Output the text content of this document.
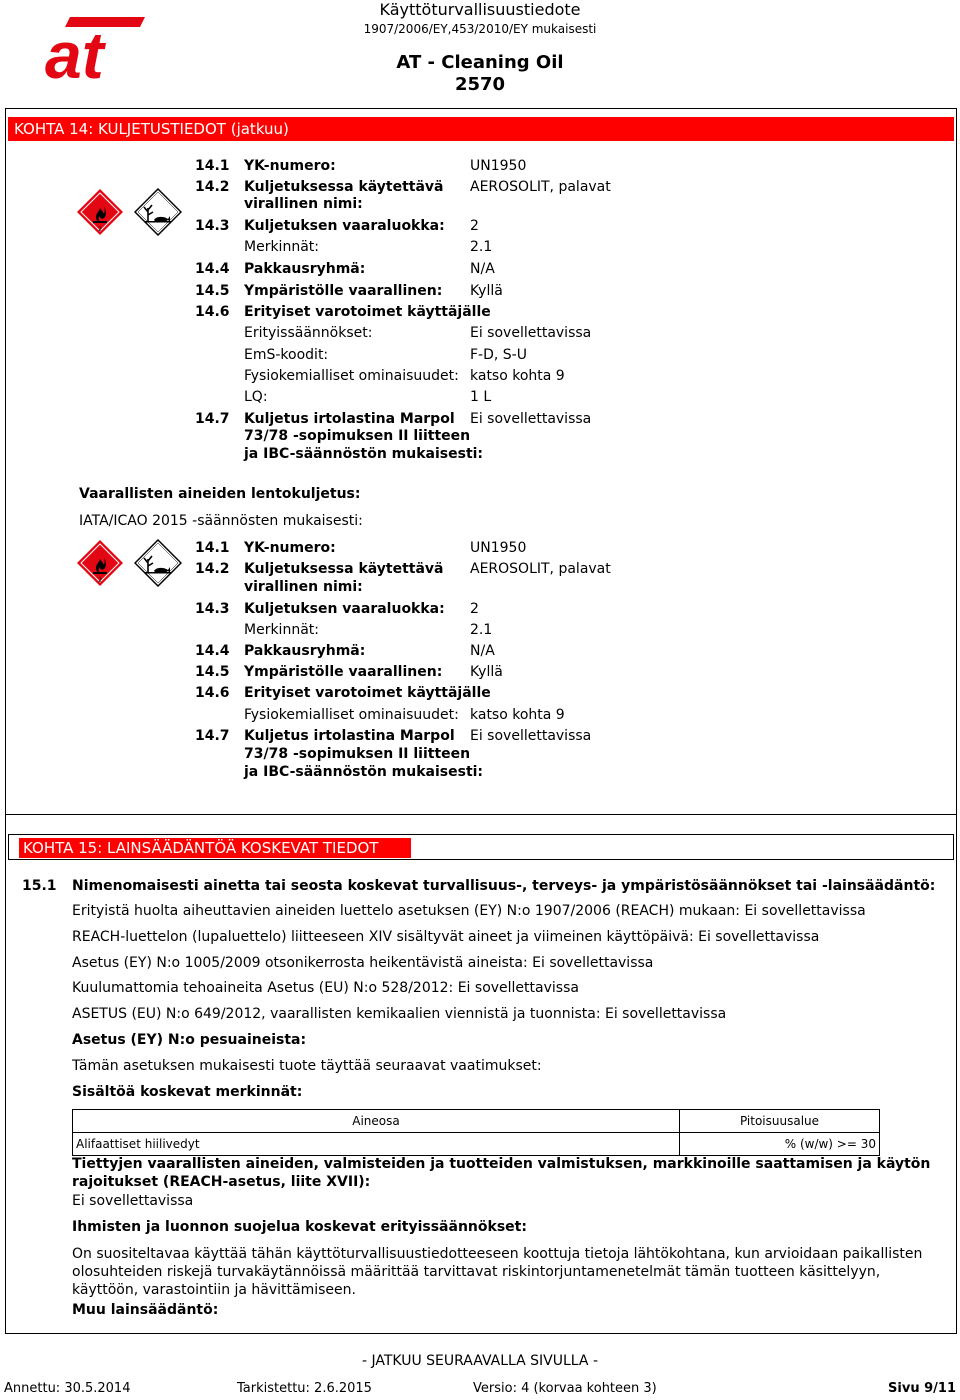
at
Käyttöturvallisuustiedote
1907/2006/EY,453/2010/EY mukaisesti
AT - Cleaning Oil
2570
KOHTA 14: KULJETUSTIEDOT (jatkuu)
2
14.1 YK-numero:	UN1950
14.2 Kuljetuksessa käytettävä
virallinen nimi:
AEROSOLIT, palavat
14.3 Kuljetuksen vaaraluokka: 2
Merkinnät:	2.1
14.4 Pakkausryhmä:	N/A
14.5 Ympäristölle vaarallinen: Kyllä
14.6 Erityiset varotoimet käyttäjälle
Erityissäännökset:	Ei sovellettavissa
EmS-koodit:	F-D, S-U
Fysiokemialliset ominaisuudet: katso kohta 9
LQ:	1 L
14.7 Kuljetus irtolastina Marpol
73/78 -sopimuksen II liitteen
ja IBC-säännöstön mukaisesti:
Ei sovellettavissa
Vaarallisten aineiden lentokuljetus:
IATA/ICAO 2015 -säännösten mukaisesti:
2
14.1 YK-numero:	UN1950
14.2 Kuljetuksessa käytettävä
virallinen nimi:
AEROSOLIT, palavat
14.3 Kuljetuksen vaaraluokka: 2
Merkinnät:	2.1
14.4 Pakkausryhmä:	N/A
14.5 Ympäristölle vaarallinen: Kyllä
14.6 Erityiset varotoimet käyttäjälle
Fysiokemialliset ominaisuudet: katso kohta 9
14.7 Kuljetus irtolastina Marpol
73/78 -sopimuksen II liitteen
ja IBC-säännöstön mukaisesti:
Ei sovellettavissa
KOHTA 15: LAINSÄÄDÄNTÖÄ KOSKEVAT TIEDOT
15.1 Nimenomaisesti ainetta tai seosta koskevat turvallisuus-, terveys- ja ympäristösäännökset tai -lainsäädäntö:
Erityistä huolta aiheuttavien aineiden luettelo asetuksen (EY) N:o 1907/2006 (REACH) mukaan: Ei sovellettavissa
REACH-luettelon (lupaluettelo) liitteeseen XIV sisältyvät aineet ja viimeinen käyttöpäivä: Ei sovellettavissa
Asetus (EY) N:o 1005/2009 otsonikerrosta heikentävistä aineista: Ei sovellettavissa
Kuulumattomia tehoaineita Asetus (EU) N:o 528/2012: Ei sovellettavissa
ASETUS (EU) N:o 649/2012, vaarallisten kemikaalien viennistä ja tuonnista: Ei sovellettavissa
Asetus (EY) N:o pesuaineista:
Tämän asetuksen mukaisesti tuote täyttää seuraavat vaatimukset:
Sisältöä koskevat merkinnät:
Aineosa	Pitoisuusalue
Alifaattiset hiilivedyt	% (w/w) >= 30
Tiettyjen vaarallisten aineiden, valmisteiden ja tuotteiden valmistuksen, markkinoille saattamisen ja käytön rajoitukset (REACH-asetus, liite XVII):
Ei sovellettavissa
Ihmisten ja luonnon suojelua koskevat erityissäännökset:
On suositeltavaa käyttää tähän käyttöturvallisuustiedotteeseen koottuja tietoja lähtökohtana, kun arvioidaan paikallisten olosuhteiden riskejä turvakäytännöissä määrittää tarvittavat riskintorjuntamenetelmät tämän tuotteen käsittelyyn, käyttöön, varastointiin ja hävittämiseen.
Muu lainsäädäntö:
- JATKUU SEURAAVALLA SIVULLA -
Annettu: 30.5.2014	Tarkistettu: 2.6.2015	Versio: 4 (korvaa kohteen 3)	Sivu 9/11
